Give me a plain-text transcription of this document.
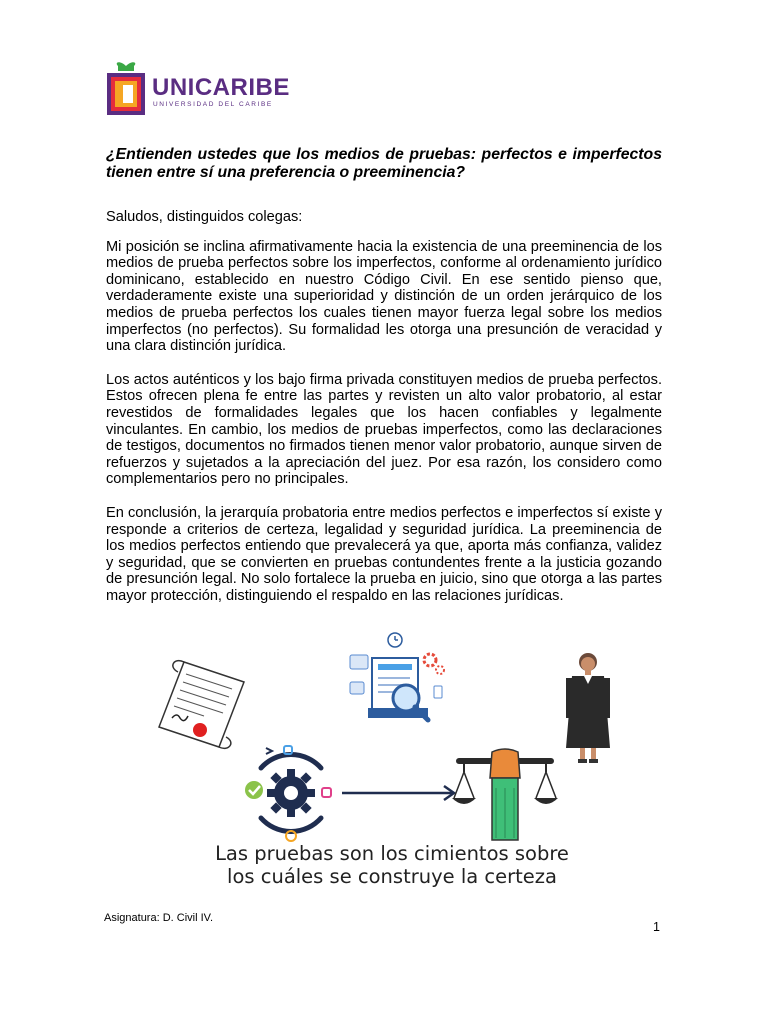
UNICARIBE
UNIVERSIDAD DEL CARIBE
¿Entienden ustedes que los medios de pruebas: perfectos e imperfectos tienen entre sí una preferencia o preeminencia?

Saludos, distinguidos colegas:

Mi posición se inclina afirmativamente hacia la existencia de una preeminencia de los medios de prueba perfectos sobre los imperfectos, conforme al ordenamiento jurídico dominicano, establecido en nuestro Código Civil. En ese sentido pienso que, verdaderamente existe una superioridad y distinción de un orden jerárquico de los medios de prueba perfectos los cuales tienen mayor fuerza legal sobre los medios imperfectos (no perfectos). Su formalidad les otorga una presunción de veracidad y una clara distinción jurídica.

Los actos auténticos y los bajo firma privada constituyen medios de prueba perfectos. Estos ofrecen plena fe entre las partes y revisten un alto valor probatorio, al estar revestidos de formalidades legales que los hacen confiables y legalmente vinculantes. En cambio, los medios de pruebas imperfectos, como las declaraciones de testigos, documentos no firmados tienen menor valor probatorio, aunque sirven de refuerzos y sujetados a la apreciación del juez. Por esa razón, los considero como complementarios pero no principales.

En conclusión, la jerarquía probatoria entre medios perfectos e imperfectos sí existe y responde a criterios de certeza, legalidad y seguridad jurídica. La preeminencia de los medios perfectos entiendo que prevalecerá ya que, aporta más confianza, validez y seguridad, que se convierten en pruebas contundentes frente a la justicia gozando de presunción legal. No solo fortalece la prueba en juicio, sino que otorga a las partes mayor protección, distinguiendo el respaldo en las relaciones jurídicas.

Las pruebas son los cimientos sobre
los cuáles se construye la certeza
Asignatura: D. Civil IV.
1
